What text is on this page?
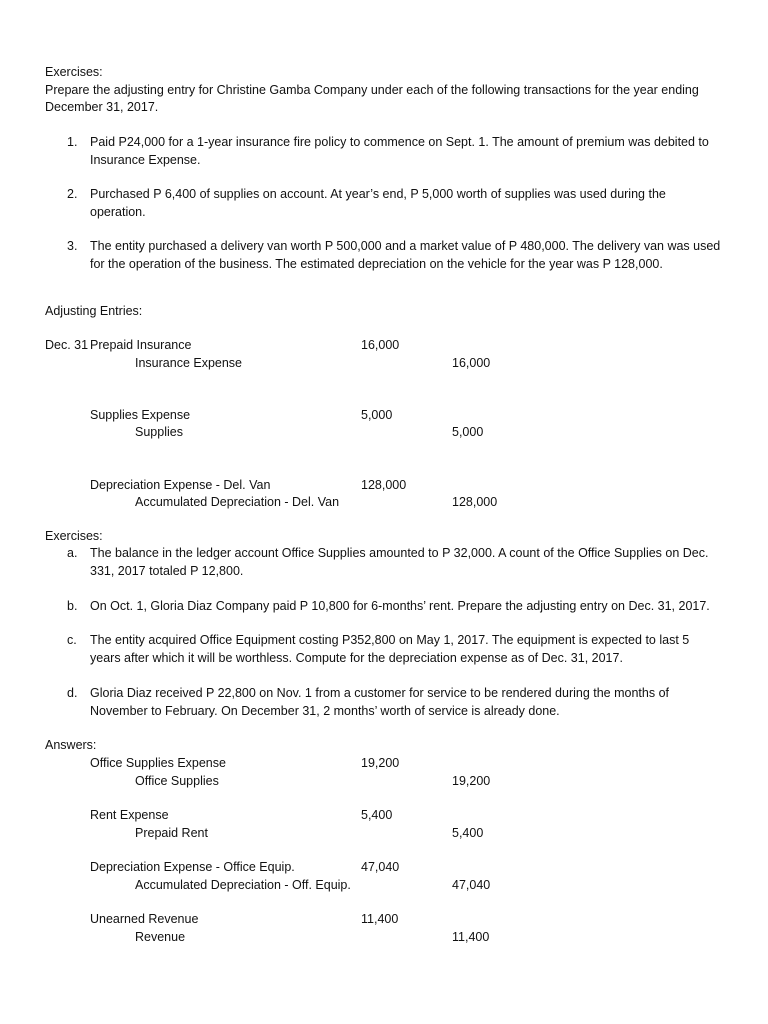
Exercises:
Prepare the adjusting entry for Christine Gamba Company under each of the following transactions for the year ending
December 31, 2017.
1. Paid P24,000 for a 1-year insurance fire policy to commence on Sept. 1. The amount of premium was debited to
Insurance Expense.
2. Purchased P 6,400 of supplies on account. At year’s end, P 5,000 worth of supplies was used during the
operation.
3. The entity purchased a delivery van worth P 500,000 and a market value of P 480,000. The delivery van was used
for the operation of the business. The estimated depreciation on the vehicle for the year was P 128,000.
Adjusting Entries:
Dec. 31 Prepaid Insurance	16,000
Insurance Expense	16,000
Supplies Expense	5,000
Supplies	5,000
Depreciation Expense - Del. Van	128,000
Accumulated Depreciation - Del. Van	128,000
Exercises:
a. The balance in the ledger account Office Supplies amounted to P 32,000. A count of the Office Supplies on Dec.
331, 2017 totaled P 12,800.
b. On Oct. 1, Gloria Diaz Company paid P 10,800 for 6-months’ rent. Prepare the adjusting entry on Dec. 31, 2017.
c. The entity acquired Office Equipment costing P352,800 on May 1, 2017. The equipment is expected to last 5
years after which it will be worthless. Compute for the depreciation expense as of Dec. 31, 2017.
d. Gloria Diaz received P 22,800 on Nov. 1 from a customer for service to be rendered during the months of
November to February. On December 31, 2 months’ worth of service is already done.
Answers:
Office Supplies Expense	19,200
Office Supplies	19,200
Rent Expense	5,400
Prepaid Rent	5,400
Depreciation Expense - Office Equip.	47,040
Accumulated Depreciation - Off. Equip.	47,040
Unearned Revenue	11,400
Revenue	11,400
